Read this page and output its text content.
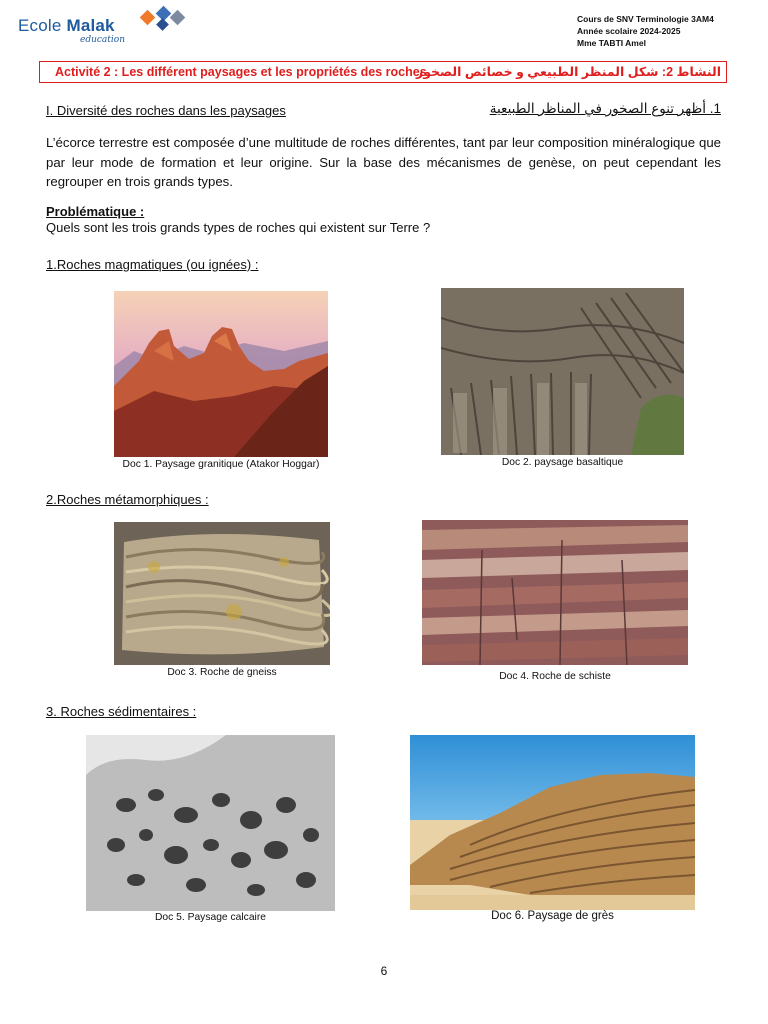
Ecole Malak
education
Cours de SNV Terminologie 3AM4
Année scolaire 2024-2025
Mme TABTI Amel
Activité 2 : Les différent paysages et les propriétés des roches
النشاط 2: شكل المنظر الطبيعي و خصائص الصخور
I. Diversité des roches dans les paysages	1. أظهر تنوع الصخور في المناظر الطبيعية
L’écorce terrestre est composée d’une multitude de roches différentes, tant par leur composition minéralogique que par leur mode de formation et leur origine. Sur la base des mécanismes de genèse, on peut cependant les regrouper en trois grands types.
Problématique :
Quels sont les trois grands types de roches qui existent sur Terre ?
1.Roches magmatiques (ou ignées) :
Doc 1. Paysage granitique (Atakor Hoggar)	Doc 2. paysage basaltique
2.Roches métamorphiques :
Doc 3. Roche de gneiss	Doc 4. Roche de schiste
3. Roches sédimentaires :
Doc 5. Paysage calcaire	Doc 6. Paysage de grès
6
